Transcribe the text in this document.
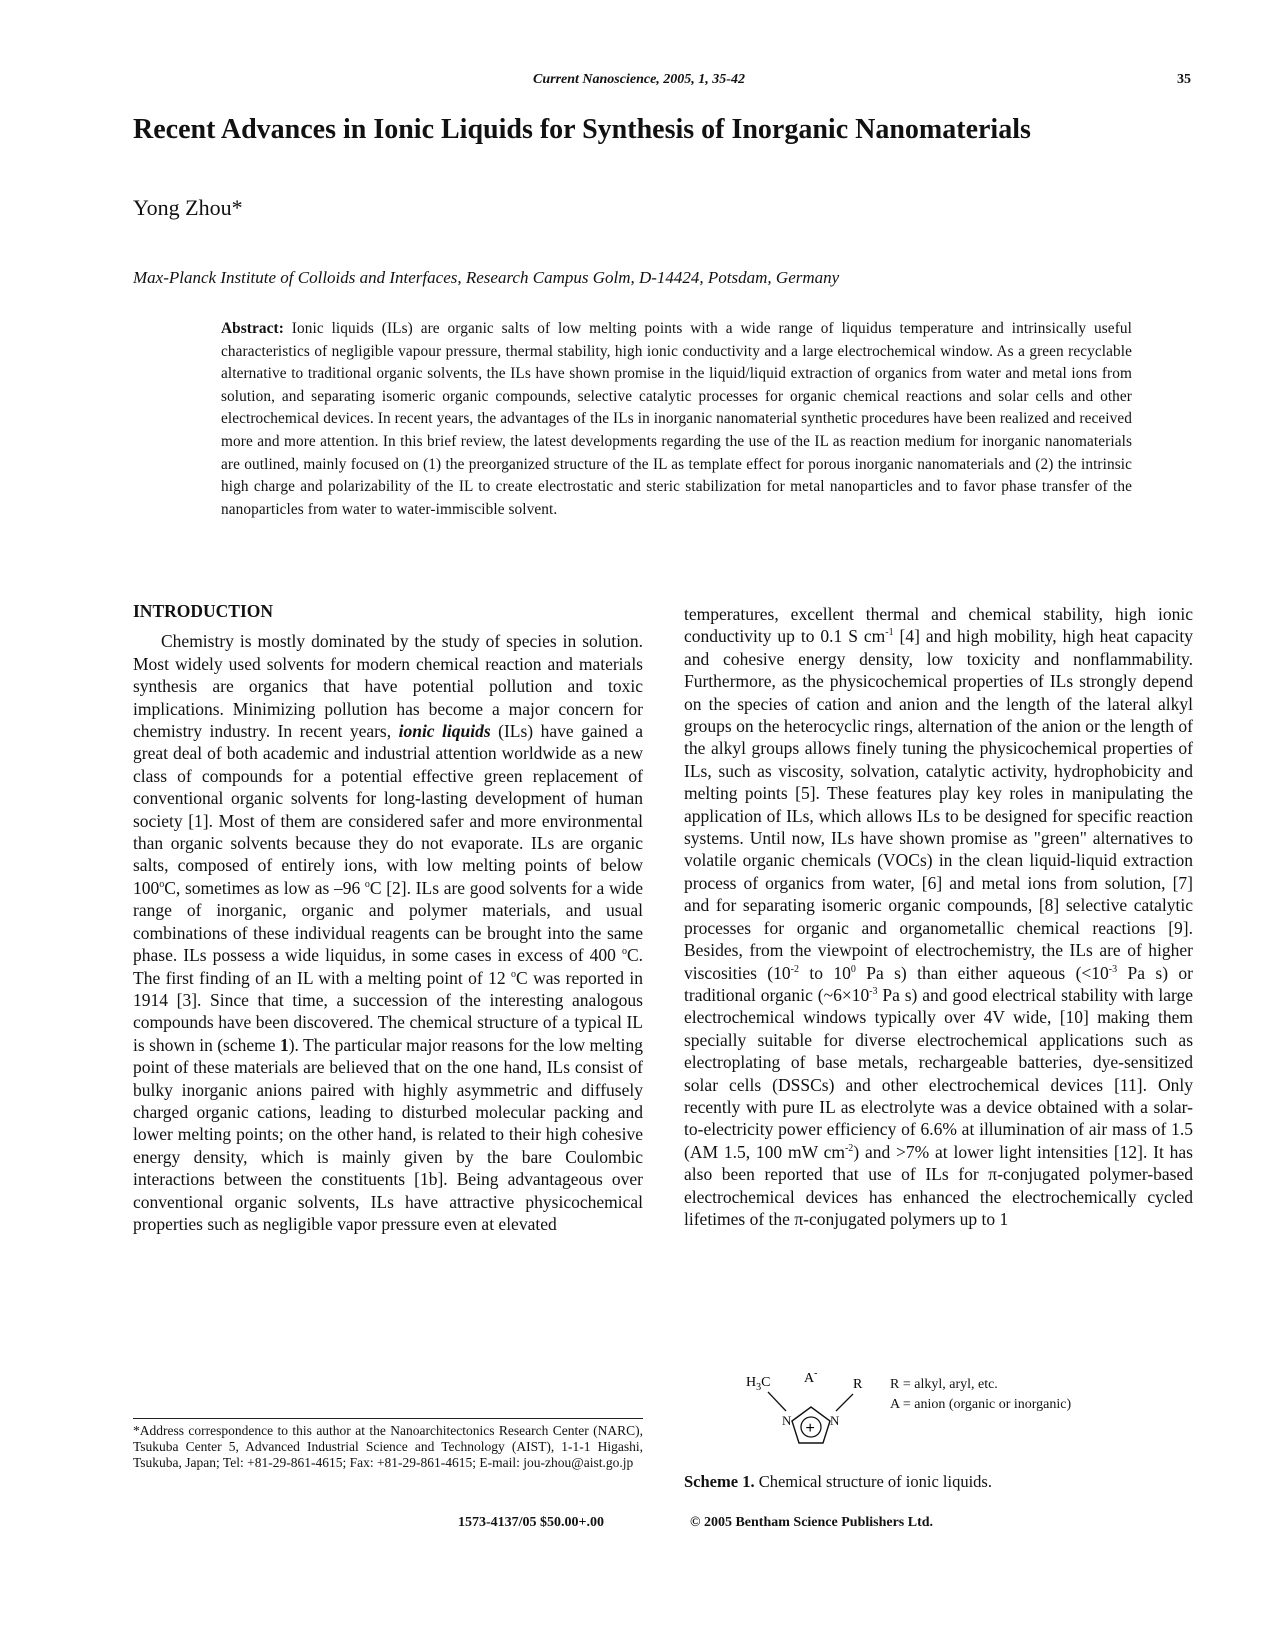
Current Nanoscience, 2005, 1, 35-42	35
Recent Advances in Ionic Liquids for Synthesis of Inorganic Nanomaterials
Yong Zhou*
Max-Planck Institute of Colloids and Interfaces, Research Campus Golm, D-14424, Potsdam, Germany
Abstract: Ionic liquids (ILs) are organic salts of low melting points with a wide range of liquidus temperature and intrinsically useful characteristics of negligible vapour pressure, thermal stability, high ionic conductivity and a large electrochemical window. As a green recyclable alternative to traditional organic solvents, the ILs have shown promise in the liquid/liquid extraction of organics from water and metal ions from solution, and separating isomeric organic compounds, selective catalytic processes for organic chemical reactions and solar cells and other electrochemical devices. In recent years, the advantages of the ILs in inorganic nanomaterial synthetic procedures have been realized and received more and more attention. In this brief review, the latest developments regarding the use of the IL as reaction medium for inorganic nanomaterials are outlined, mainly focused on (1) the preorganized structure of the IL as template effect for porous inorganic nanomaterials and (2) the intrinsic high charge and polarizability of the IL to create electrostatic and steric stabilization for metal nanoparticles and to favor phase transfer of the nanoparticles from water to water-immiscible solvent.
INTRODUCTION

Chemistry is mostly dominated by the study of species in solution. Most widely used solvents for modern chemical reaction and materials synthesis are organics that have potential pollution and toxic implications. Minimizing pollution has become a major concern for chemistry industry. In recent years, ionic liquids (ILs) have gained a great deal of both academic and industrial attention worldwide as a new class of compounds for a potential effective green replacement of conventional organic solvents for long-lasting development of human society [1]. Most of them are considered safer and more environmental than organic solvents because they do not evaporate. ILs are organic salts, composed of entirely ions, with low melting points of below 100$^o$C, sometimes as low as –96 $^o$C [2]. ILs are good solvents for a wide range of inorganic, organic and polymer materials, and usual combinations of these individual reagents can be brought into the same phase. ILs possess a wide liquidus, in some cases in excess of 400 $^o$C. The first finding of an IL with a melting point of 12 $^o$C was reported in 1914 [3]. Since that time, a succession of the interesting analogous compounds have been discovered. The chemical structure of a typical IL is shown in (scheme 1). The particular major reasons for the low melting point of these materials are believed that on the one hand, ILs consist of bulky inorganic anions paired with highly asymmetric and diffusely charged organic cations, leading to disturbed molecular packing and lower melting points; on the other hand, is related to their high cohesive energy density, which is mainly given by the bare Coulombic interactions between the constituents [1b]. Being advantageous over conventional organic solvents, ILs have attractive physicochemical properties such as negligible vapor pressure even at elevated

temperatures, excellent thermal and chemical stability, high ionic conductivity up to 0.1 S $cm^{-1}$ [4] and high mobility, high heat capacity and cohesive energy density, low toxicity and nonflammability. Furthermore, as the physicochemical properties of ILs strongly depend on the species of cation and anion and the length of the lateral alkyl groups on the heterocyclic rings, alternation of the anion or the length of the alkyl groups allows finely tuning the physicochemical properties of ILs, such as viscosity, solvation, catalytic activity, hydrophobicity and melting points [5]. These features play key roles in manipulating the application of ILs, which allows ILs to be designed for specific reaction systems. Until now, ILs have shown promise as "green" alternatives to volatile organic chemicals (VOCs) in the clean liquid-liquid extraction process of organics from water, [6] and metal ions from solution, [7] and for separating isomeric organic compounds, [8] selective catalytic processes for organic and organometallic chemical reactions [9]. Besides, from the viewpoint of electrochemistry, the ILs are of higher viscosities ($10^{-2}$ to $10^0$ Pa s) than either aqueous ($<10^{-3}$ Pa s) or traditional organic ($\sim 6\times 10^{-3}$ Pa s) and good electrical stability with large electrochemical windows typically over 4V wide, [10] making them specially suitable for diverse electrochemical applications such as electroplating of base metals, rechargeable batteries, dye-sensitized solar cells (DSSCs) and other electrochemical devices [11]. Only recently with pure IL as electrolyte was a device obtained with a solar-to-electricity power efficiency of 6.6% at illumination of air mass of 1.5 (AM 1.5, 100 mW $cm^{-2}$) and >7% at lower light intensities [12]. It has also been reported that use of ILs for π-conjugated polymer-based electrochemical devices has enhanced the electrochemically cycled lifetimes of the π-conjugated polymers up to 1

*Address correspondence to this author at the Nanoarchitectonics Research Center (NARC), Tsukuba Center 5, Advanced Industrial Science and Technology (AIST), 1-1-1 Higashi, Tsukuba, Japan; Tel: +81-29-861-4615; Fax: +81-29-861-4615; E-mail: jou-zhou@aist.go.jp
$H_3C$ A-
R
+
N	N
R = alkyl, aryl, etc.
A = anion (organic or inorganic)
Scheme 1. Chemical structure of ionic liquids.
1573-4137/05 $50.00+.00	© 2005 Bentham Science Publishers Ltd.
